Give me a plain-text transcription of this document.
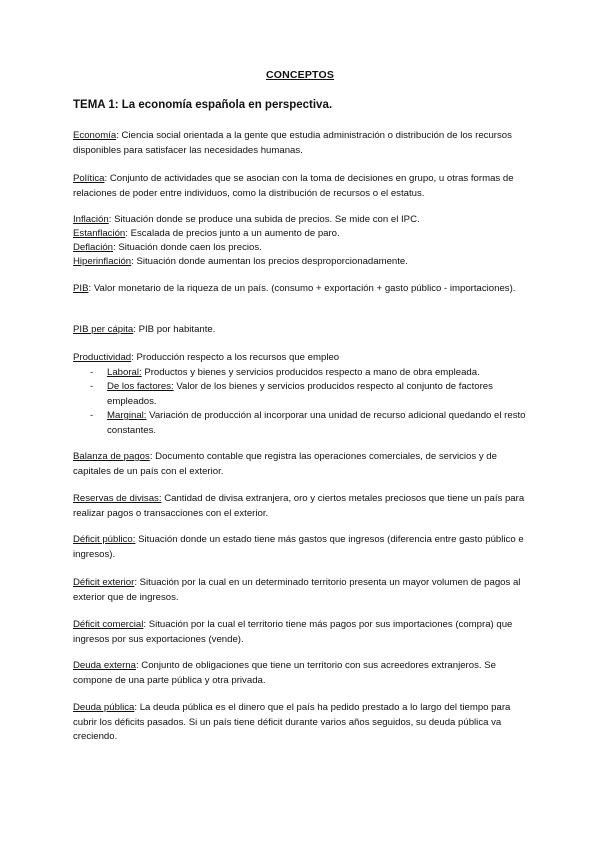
CONCEPTOS
TEMA 1: La economía española en perspectiva.
Economía: Ciencia social orientada a la gente que estudia administración o distribución de los recursos disponibles para satisfacer las necesidades humanas.
Política: Conjunto de actividades que se asocian con la toma de decisiones en grupo, u otras formas de relaciones de poder entre individuos, como la distribución de recursos o el estatus.
Inflación: Situación donde se produce una subida de precios. Se mide con el IPC.
Estanflación: Escalada de precios junto a un aumento de paro.
Deflación: Situación donde caen los precios.
Hiperinflación: Situación donde aumentan los precios desproporcionadamente.
PIB: Valor monetario de la riqueza de un país. (consumo + exportación + gasto público - importaciones).
PIB per cápita: PIB por habitante.
Productividad: Producción respecto a los recursos que empleo
-	Laboral: Productos y bienes y servicios producidos respecto a mano de obra empleada.
-	De los factores: Valor de los bienes y servicios producidos respecto al conjunto de factores empleados.
-	Marginal: Variación de producción al incorporar una unidad de recurso adicional quedando el resto constantes.
Balanza de pagos: Documento contable que registra las operaciones comerciales, de servicios y de capitales de un país con el exterior.
Reservas de divisas: Cantidad de divisa extranjera, oro y ciertos metales preciosos que tiene un país para realizar pagos o transacciones con el exterior.
Déficit público: Situación donde un estado tiene más gastos que ingresos (diferencia entre gasto público e ingresos).
Déficit exterior: Situación por la cual en un determinado territorio presenta un mayor volumen de pagos al exterior que de ingresos.
Déficit comercial: Situación por la cual el territorio tiene más pagos por sus importaciones (compra) que ingresos por sus exportaciones (vende).
Deuda externa: Conjunto de obligaciones que tiene un territorio con sus acreedores extranjeros. Se compone de una parte pública y otra privada.
Deuda pública: La deuda pública es el dinero que el país ha pedido prestado a lo largo del tiempo para cubrir los déficits pasados. Si un país tiene déficit durante varios años seguidos, su deuda pública va creciendo.
